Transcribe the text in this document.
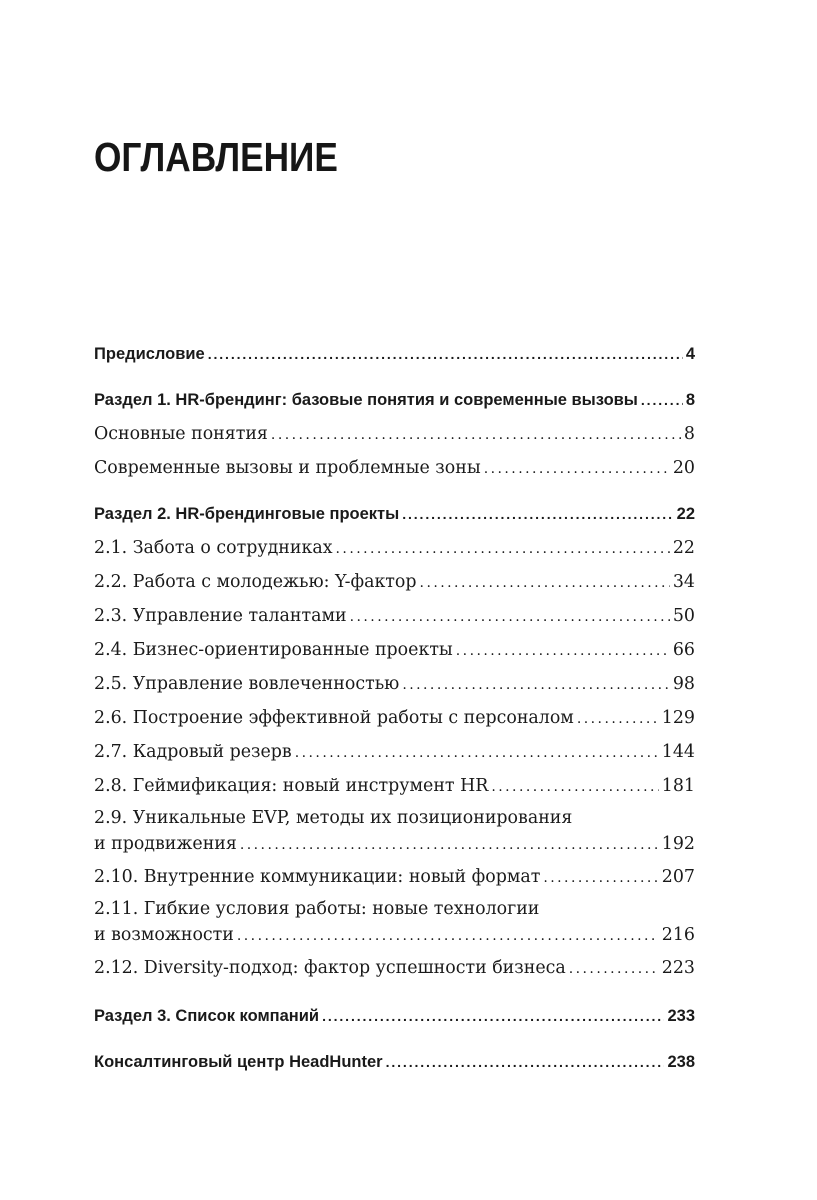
ОГЛАВЛЕНИЕ
Предисловие . . .	4
Раздел 1. HR-брендинг: базовые понятия и современные вызовы . . .	8
Основные понятия . . .	8
Современные вызовы и проблемные зоны . . .	20
Раздел 2. HR-брендинговые проекты . . .	22
2.1. Забота о сотрудниках . . .	22
2.2. Работа с молодежью: Y-фактор . . .	34
2.3. Управление талантами . . .	50
2.4. Бизнес-ориентированные проекты . . .	66
2.5. Управление вовлеченностью . . .	98
2.6. Построение эффективной работы с персоналом . . .	129
2.7. Кадровый резерв . . .	144
2.8. Геймификация: новый инструмент HR . . .	181
2.9. Уникальные EVP, методы их позиционирования
и продвижения . . .	192
2.10. Внутренние коммуникации: новый формат . . .	207
2.11. Гибкие условия работы: новые технологии
и возможности . . .	216
2.12. Diversity-подход: фактор успешности бизнеса . . .	223
Раздел 3. Список компаний . . .	233
Консалтинговый центр HeadHunter . . .	238
